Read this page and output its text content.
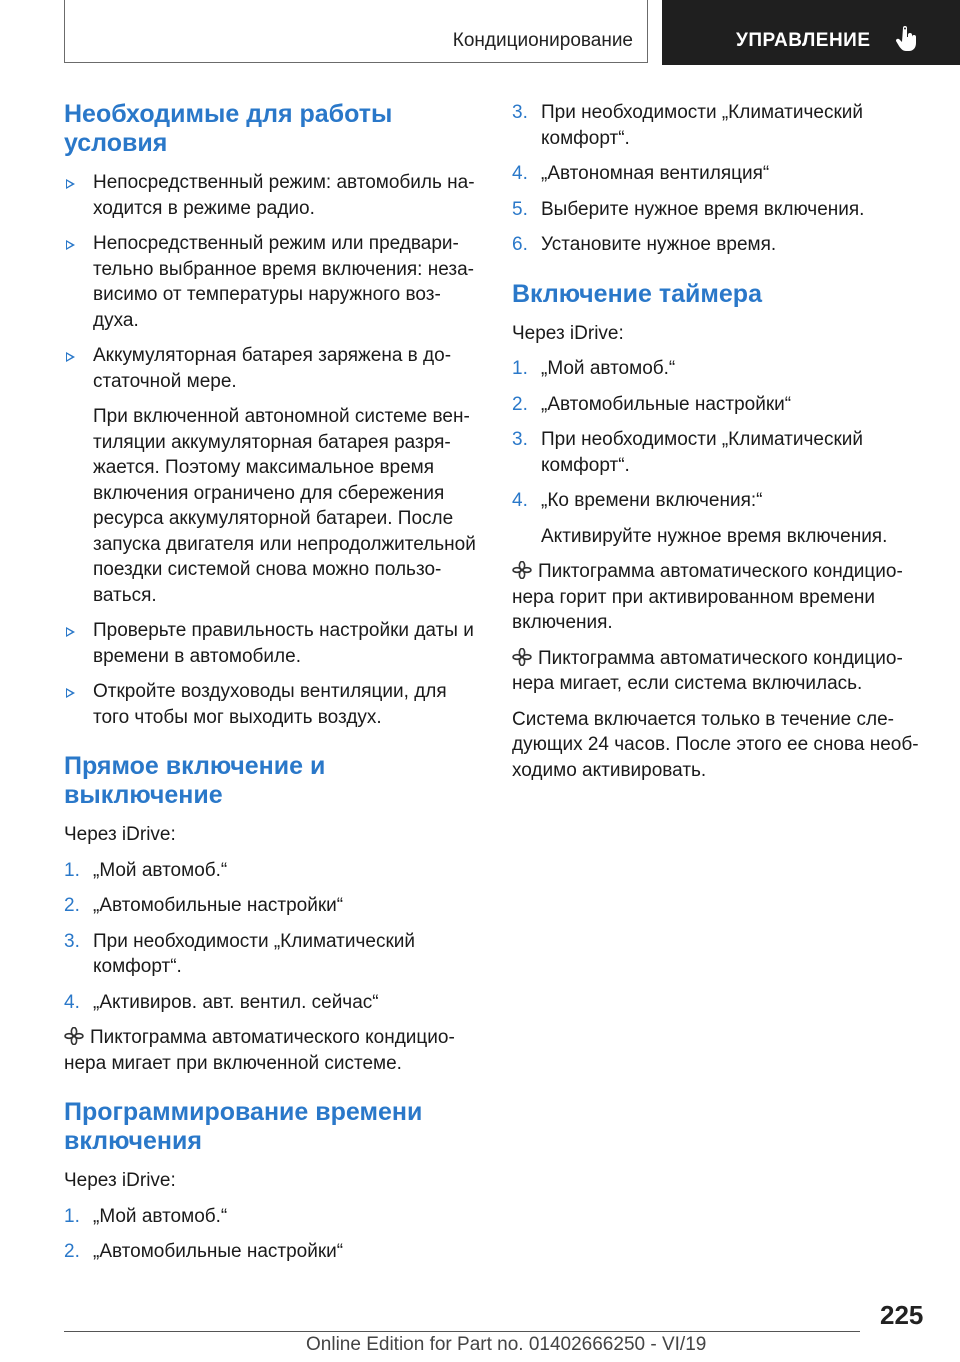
Кондиционирование	УПРАВЛЕНИЕ
Необходимые для работы условия
Непосредственный режим: автомобиль на-ходится в режиме радио.
Непосредственный режим или предвари-тельно выбранное время включения: неза-висимо от температуры наружного воз-духа.
Аккумуляторная батарея заряжена в до-статочной мере.
При включенной автономной системе вен-тиляции аккумуляторная батарея разря-жается. Поэтому максимальное время включения ограничено для сбережения ресурса аккумуляторной батареи. После запуска двигателя или непродолжительной поездки системой снова можно пользо-ваться.
Проверьте правильность настройки даты и времени в автомобиле.
Откройте воздуховоды вентиляции, для того чтобы мог выходить воздух.
Прямое включение и выключение

Через iDrive:

1. „Мой автомоб.“
2. „Автомобильные настройки“
3. При необходимости „Климатический комфорт“.
4. „Активиров. авт. вентил. сейчас“

Пиктограмма автоматического кондицио-нера мигает при включенной системе.

Программирование времени включения

Через iDrive:

1. „Мой автомоб.“
2. „Автомобильные настройки“
3. При необходимости „Климатический комфорт“.
4. „Автономная вентиляция“
5. Выберите нужное время включения.
6. Установите нужное время.
Включение таймера

Через iDrive:

1. „Мой автомоб.“
2. „Автомобильные настройки“
3. При необходимости „Климатический комфорт“.
4. „Ко времени включения:“
Активируйте нужное время включения.

Пиктограмма автоматического кондицио-нера горит при активированном времени включения.

Пиктограмма автоматического кондицио-нера мигает, если система включилась.

Система включается только в течение сле-дующих 24 часов. После этого ее снова необ-ходимо активировать.

225
Online Edition for Part no. 01402666250 - VI/19
